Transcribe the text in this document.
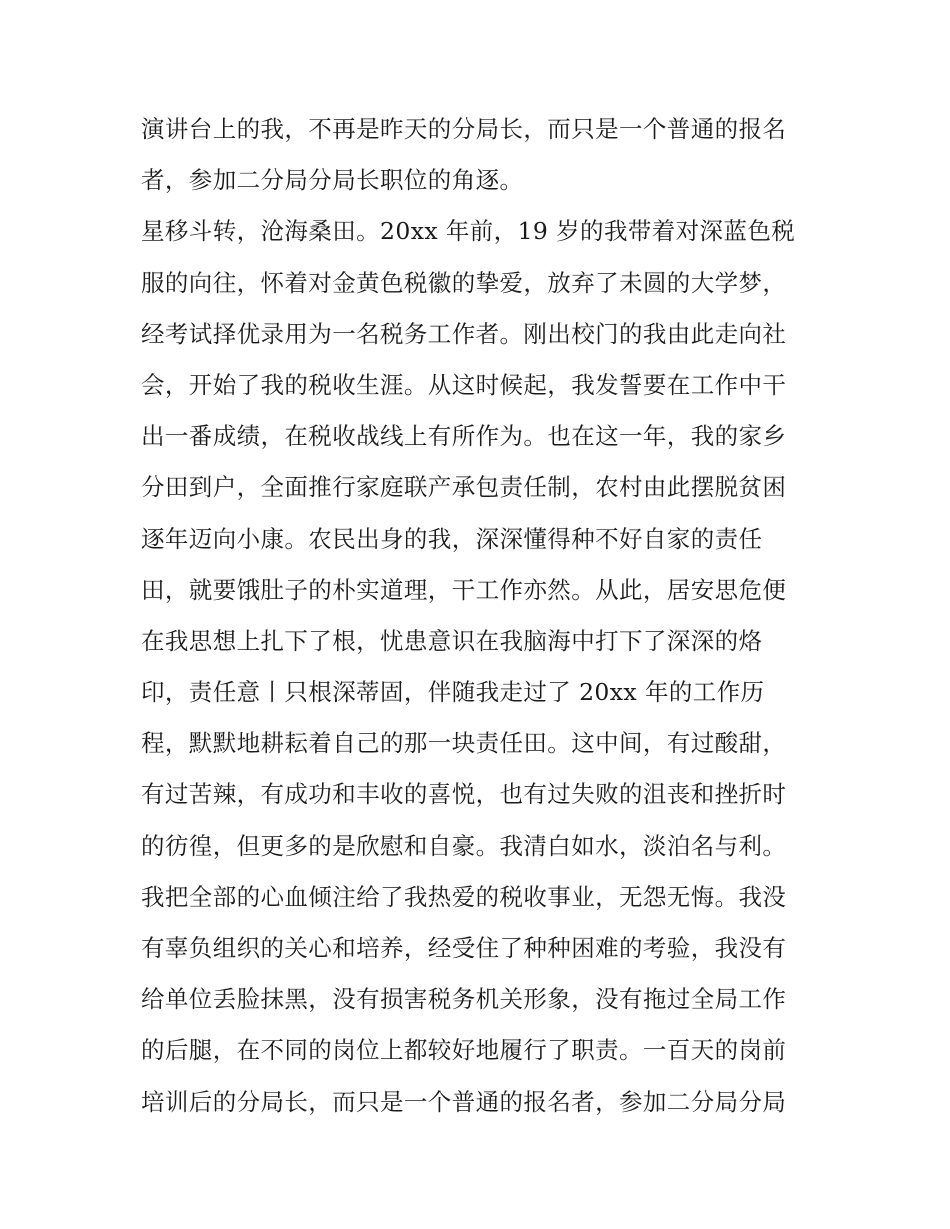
演讲台上的我，不再是昨天的分局长，而只是一个普通的报名
者，参加二分局分局长职位的角逐。
星移斗转，沧海桑田。20xx 年前，19 岁的我带着对深蓝色税
服的向往，怀着对金黄色税徽的挚爱，放弃了未圆的大学梦，
经考试择优录用为一名税务工作者。刚出校门的我由此走向社
会，开始了我的税收生涯。从这时候起，我发誓要在工作中干
出一番成绩，在税收战线上有所作为。也在这一年，我的家乡
分田到户，全面推行家庭联产承包责任制，农村由此摆脱贫困
逐年迈向小康。农民出身的我，深深懂得种不好自家的责任
田，就要饿肚子的朴实道理，干工作亦然。从此，居安思危便
在我思想上扎下了根，忧患意识在我脑海中打下了深深的烙
印，责任意丨只根深蒂固，伴随我走过了 20xx 年的工作历
程，默默地耕耘着自己的那一块责任田。这中间，有过酸甜，
有过苦辣，有成功和丰收的喜悦，也有过失败的沮丧和挫折时
的彷徨，但更多的是欣慰和自豪。我清白如水，淡泊名与利。
我把全部的心血倾注给了我热爱的税收事业，无怨无悔。我没
有辜负组织的关心和培养，经受住了种种困难的考验，我没有
给单位丢脸抹黑，没有损害税务机关形象，没有拖过全局工作
的后腿，在不同的岗位上都较好地履行了职责。一百天的岗前
培训后的分局长，而只是一个普通的报名者，参加二分局分局
